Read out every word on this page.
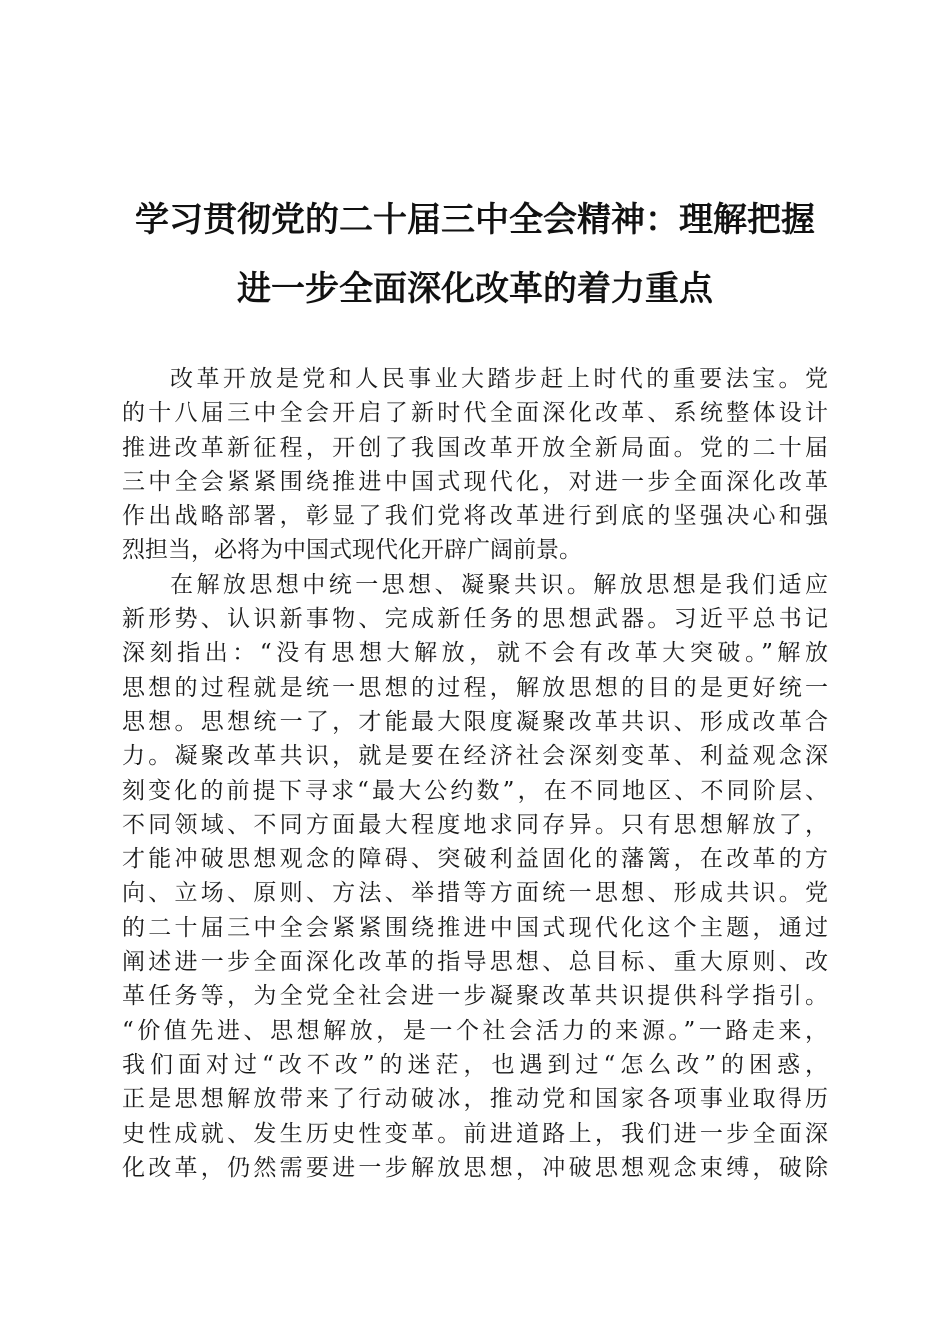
学习贯彻党的二十届三中全会精神：理解把握
进一步全面深化改革的着力重点
改革开放是党和人民事业大踏步赶上时代的重要法宝。党
的十八届三中全会开启了新时代全面深化改革、系统整体设计
推进改革新征程，开创了我国改革开放全新局面。党的二十届
三中全会紧紧围绕推进中国式现代化，对进一步全面深化改革
作出战略部署，彰显了我们党将改革进行到底的坚强决心和强
烈担当，必将为中国式现代化开辟广阔前景。
在解放思想中统一思想、凝聚共识。解放思想是我们适应
新形势、认识新事物、完成新任务的思想武器。习近平总书记
深刻指出：“没有思想大解放，就不会有改革大突破。”解放
思想的过程就是统一思想的过程，解放思想的目的是更好统一
思想。思想统一了，才能最大限度凝聚改革共识、形成改革合
力。凝聚改革共识，就是要在经济社会深刻变革、利益观念深
刻变化的前提下寻求“最大公约数”，在不同地区、不同阶层、
不同领域、不同方面最大程度地求同存异。只有思想解放了，
才能冲破思想观念的障碍、突破利益固化的藩篱，在改革的方
向、立场、原则、方法、举措等方面统一思想、形成共识。党
的二十届三中全会紧紧围绕推进中国式现代化这个主题，通过
阐述进一步全面深化改革的指导思想、总目标、重大原则、改
革任务等，为全党全社会进一步凝聚改革共识提供科学指引。
“价值先进、思想解放，是一个社会活力的来源。”一路走来，
我们面对过“改不改”的迷茫，也遇到过“怎么改”的困惑，
正是思想解放带来了行动破冰，推动党和国家各项事业取得历
史性成就、发生历史性变革。前进道路上，我们进一步全面深
化改革，仍然需要进一步解放思想，冲破思想观念束缚，破除
